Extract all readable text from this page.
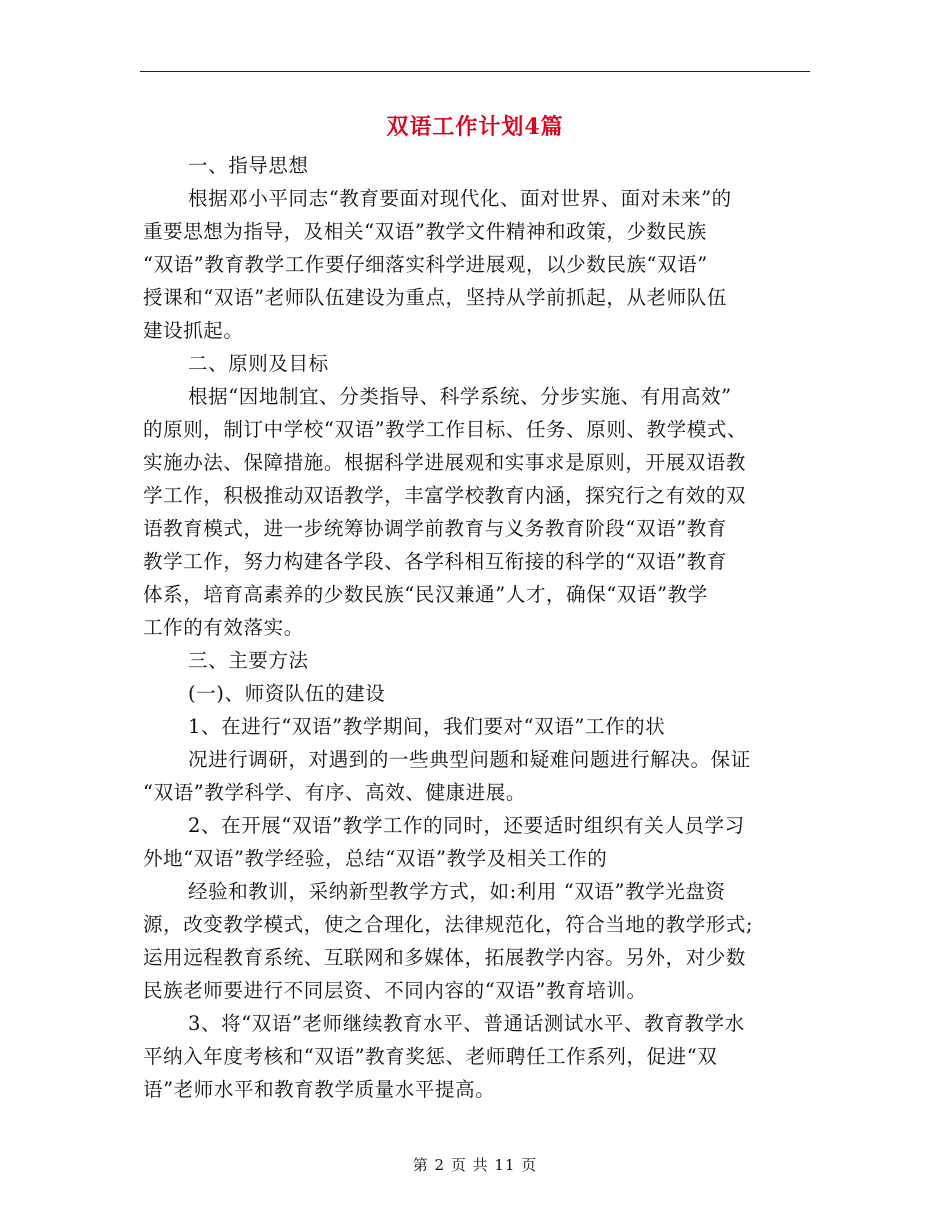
双语工作计划4篇
一、指导思想
根据邓小平同志“教育要面对现代化、面对世界、面对未来”的
重要思想为指导，及相关“双语”教学文件精神和政策，少数民族
“双语”教育教学工作要仔细落实科学进展观，以少数民族“双语”
授课和“双语”老师队伍建设为重点，坚持从学前抓起，从老师队伍
建设抓起。
二、原则及目标
根据“因地制宜、分类指导、科学系统、分步实施、有用高效”
的原则，制订中学校“双语”教学工作目标、任务、原则、教学模式、
实施办法、保障措施。根据科学进展观和实事求是原则，开展双语教
学工作，积极推动双语教学，丰富学校教育内涵，探究行之有效的双
语教育模式，进一步统筹协调学前教育与义务教育阶段“双语”教育
教学工作，努力构建各学段、各学科相互衔接的科学的“双语”教育
体系，培育高素养的少数民族“民汉兼通”人才，确保“双语”教学
工作的有效落实。
三、主要方法
(一)、师资队伍的建设
1、在进行“双语”教学期间，我们要对“双语”工作的状
况进行调研，对遇到的一些典型问题和疑难问题进行解决。保证
“双语”教学科学、有序、高效、健康进展。
2、在开展“双语”教学工作的同时，还要适时组织有关人员学习
外地“双语”教学经验，总结“双语”教学及相关工作的
经验和教训，采纳新型教学方式，如:利用 “双语”教学光盘资
源，改变教学模式，使之合理化，法律规范化，符合当地的教学形式;
运用远程教育系统、互联网和多媒体，拓展教学内容。另外，对少数
民族老师要进行不同层资、不同内容的“双语”教育培训。
3、将“双语”老师继续教育水平、普通话测试水平、教育教学水
平纳入年度考核和“双语”教育奖惩、老师聘任工作系列，促进“双
语”老师水平和教育教学质量水平提高。
第 2 页 共 11 页
